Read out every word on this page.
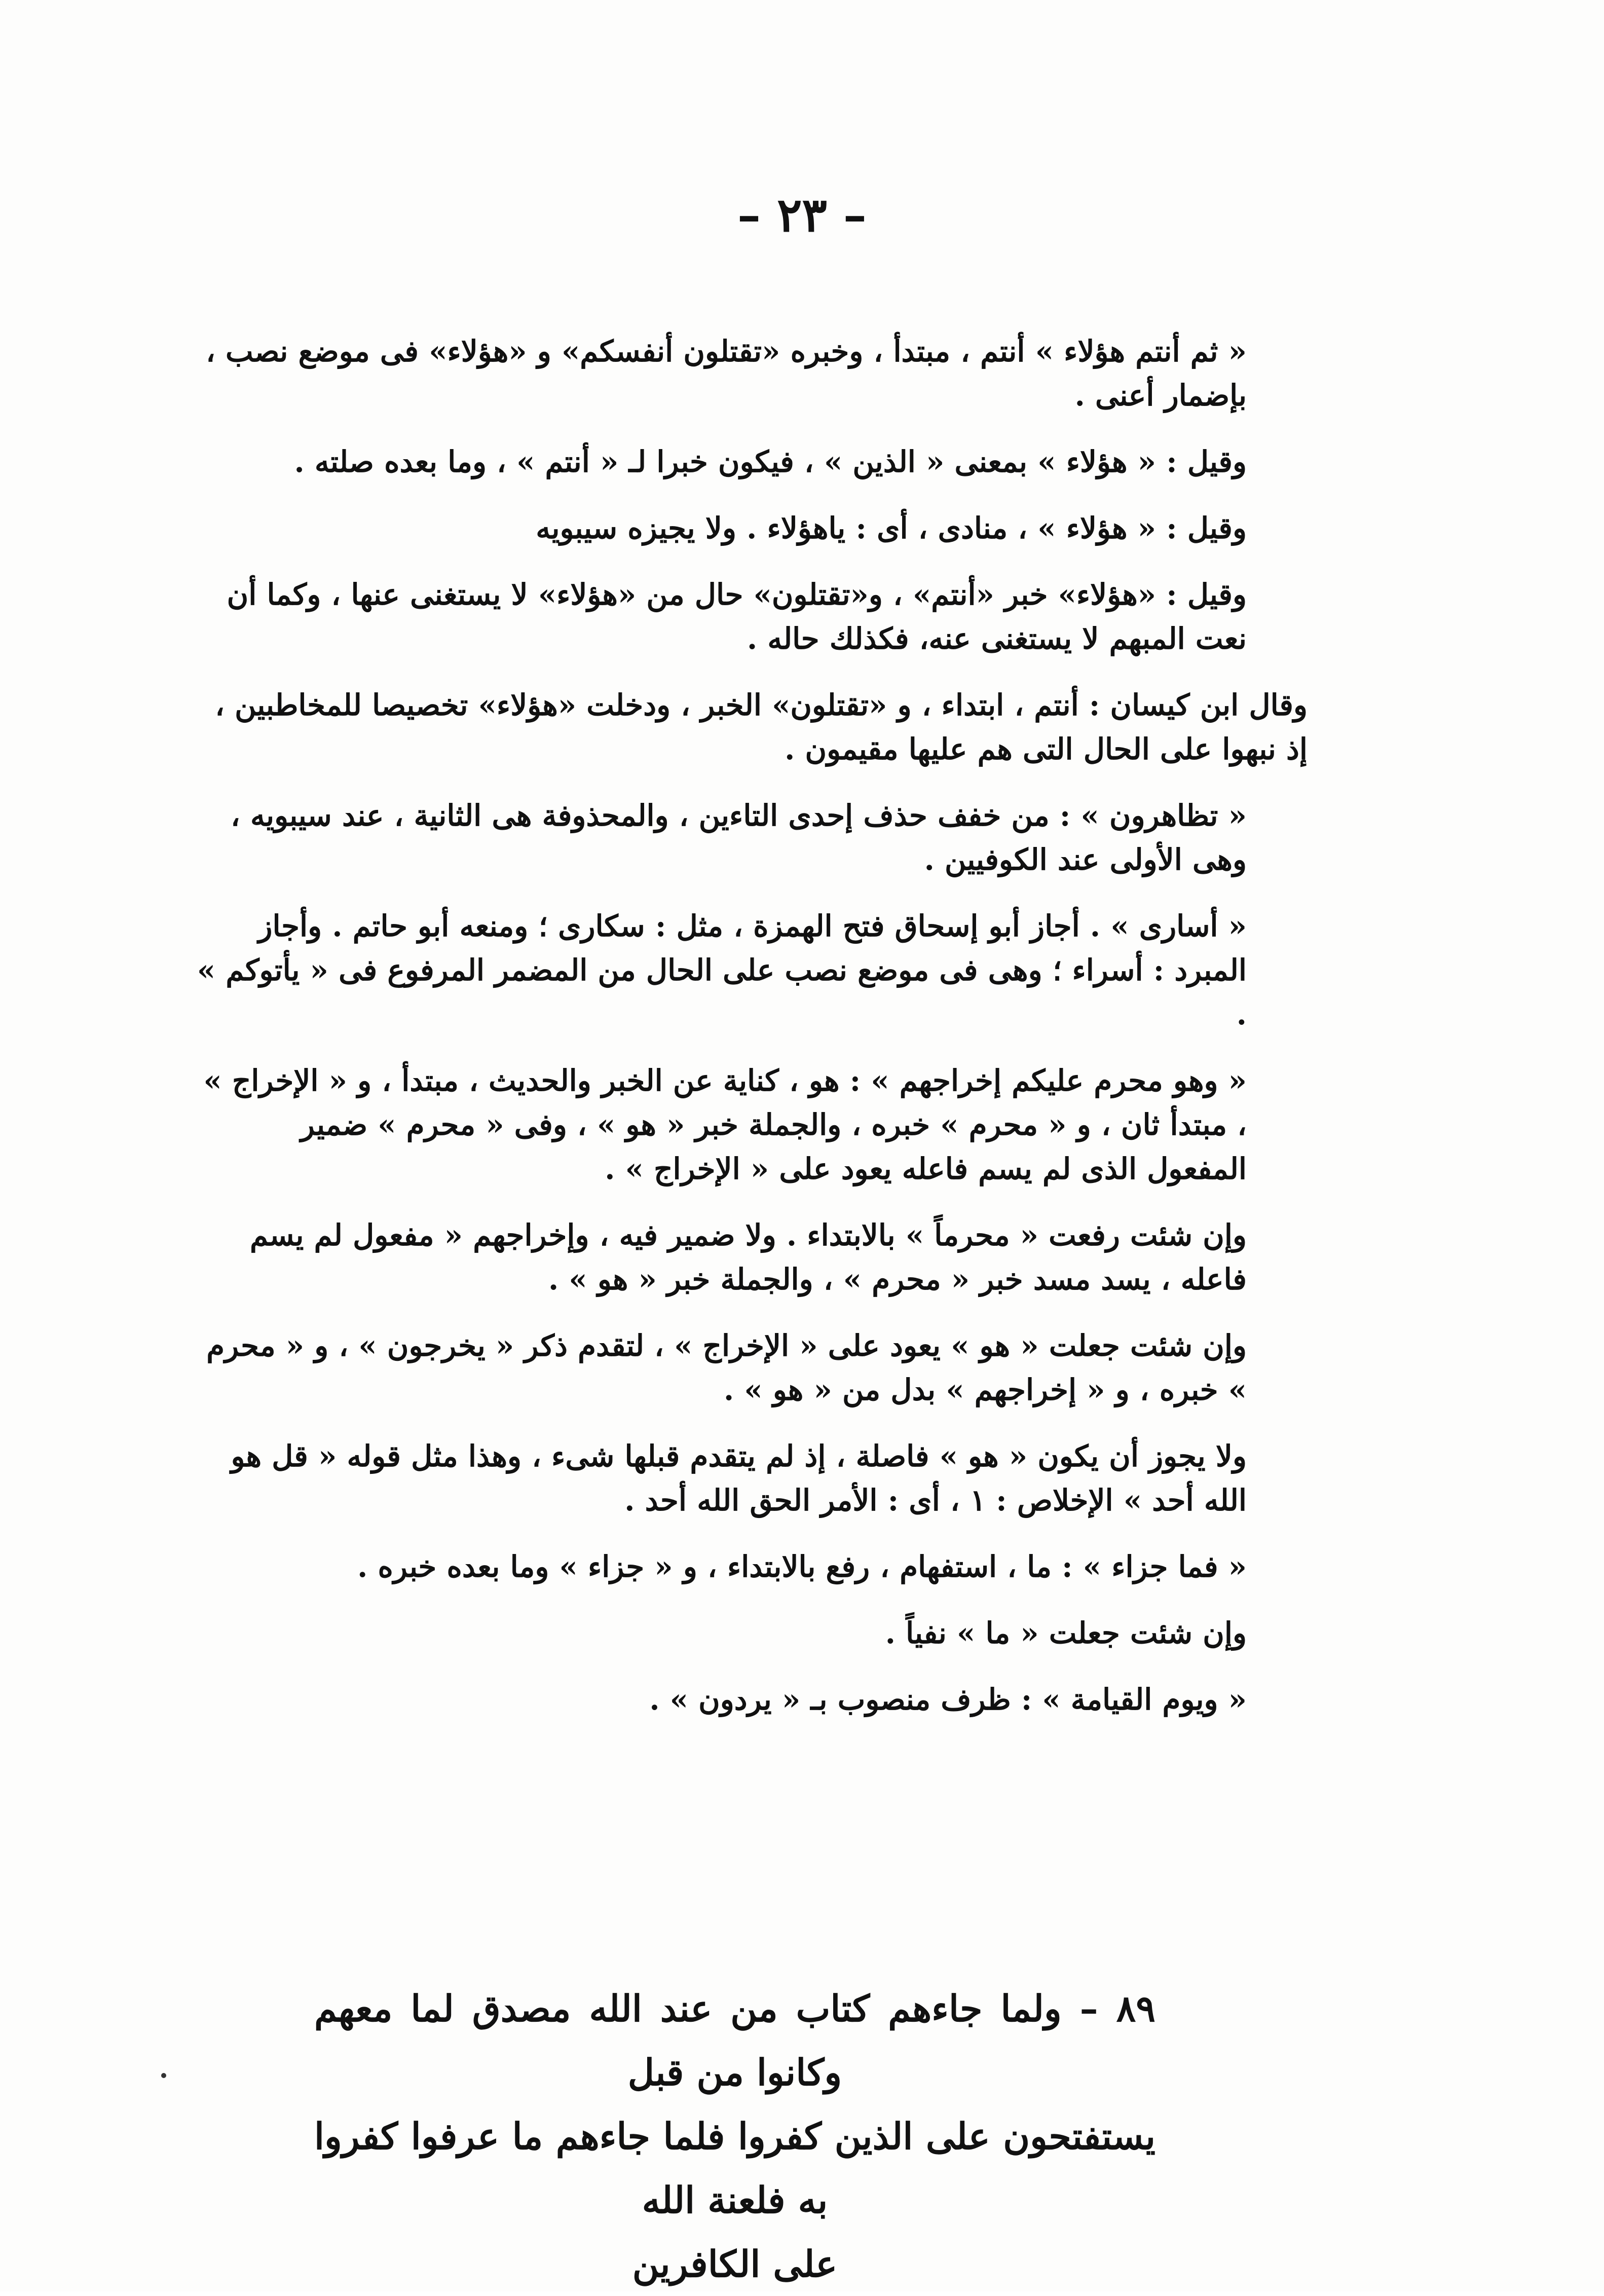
– ٢٣ –

« ثم أنتم هؤلاء » أنتم ، مبتدأ ، وخبره «تقتلون أنفسكم» و «هؤلاء» فى موضع نصب ، بإضمار أعنى .

وقيل : « هؤلاء » بمعنى « الذين » ، فيكون خبرا لـ « أنتم » ، وما بعده صلته .

وقيل : « هؤلاء » ، منادى ، أى : ياهؤلاء . ولا يجيزه سيبويه

وقيل : «هؤلاء» خبر «أنتم» ، و«تقتلون» حال من «هؤلاء» لا يستغنى عنها ، وكما أن نعت المبهم لا يستغنى عنه، فكذلك حاله .

وقال ابن كيسان : أنتم ، ابتداء ، و «تقتلون» الخبر ، ودخلت «هؤلاء» تخصيصا للمخاطبين ، إذ نبهوا على الحال التى هم عليها مقيمون .

« تظاهرون » : من خفف حذف إحدى التاءين ، والمحذوفة هى الثانية ، عند سيبويه ، وهى الأولى عند الكوفيين .

« أسارى » . أجاز أبو إسحاق فتح الهمزة ، مثل : سكارى ؛ ومنعه أبو حاتم . وأجاز المبرد : أسراء ؛ وهى فى موضع نصب على الحال من المضمر المرفوع فى « يأتوكم » .

« وهو محرم عليكم إخراجهم » : هو ، كناية عن الخبر والحديث ، مبتدأ ، و « الإخراج » ، مبتدأ ثان ، و « محرم » خبره ، والجملة خبر « هو » ، وفى « محرم » ضمير المفعول الذى لم يسم فاعله يعود على « الإخراج » .

وإن شئت رفعت « محرماً » بالابتداء . ولا ضمير فيه ، وإخراجهم « مفعول لم يسم فاعله ، يسد مسد خبر « محرم » ، والجملة خبر « هو » .

وإن شئت جعلت « هو » يعود على « الإخراج » ، لتقدم ذكر « يخرجون » ، و « محرم » خبره ، و « إخراجهم » بدل من « هو » .

ولا يجوز أن يكون « هو » فاصلة ، إذ لم يتقدم قبلها شىء ، وهذا مثل قوله « قل هو الله أحد » الإخلاص : ١ ، أى : الأمر الحق الله أحد .

« فما جزاء » : ما ، استفهام ، رفع بالابتداء ، و « جزاء » وما بعده خبره .

وإن شئت جعلت « ما » نفياً .

« ويوم القيامة » : ظرف منصوب بـ « يردون » .

٨٩ – ولما جاءهم كتاب من عند الله مصدق لما معهم وكانوا من قبل

يستفتحون على الذين كفروا فلما جاءهم ما عرفوا كفروا به فلعنة الله

على الكافرين
